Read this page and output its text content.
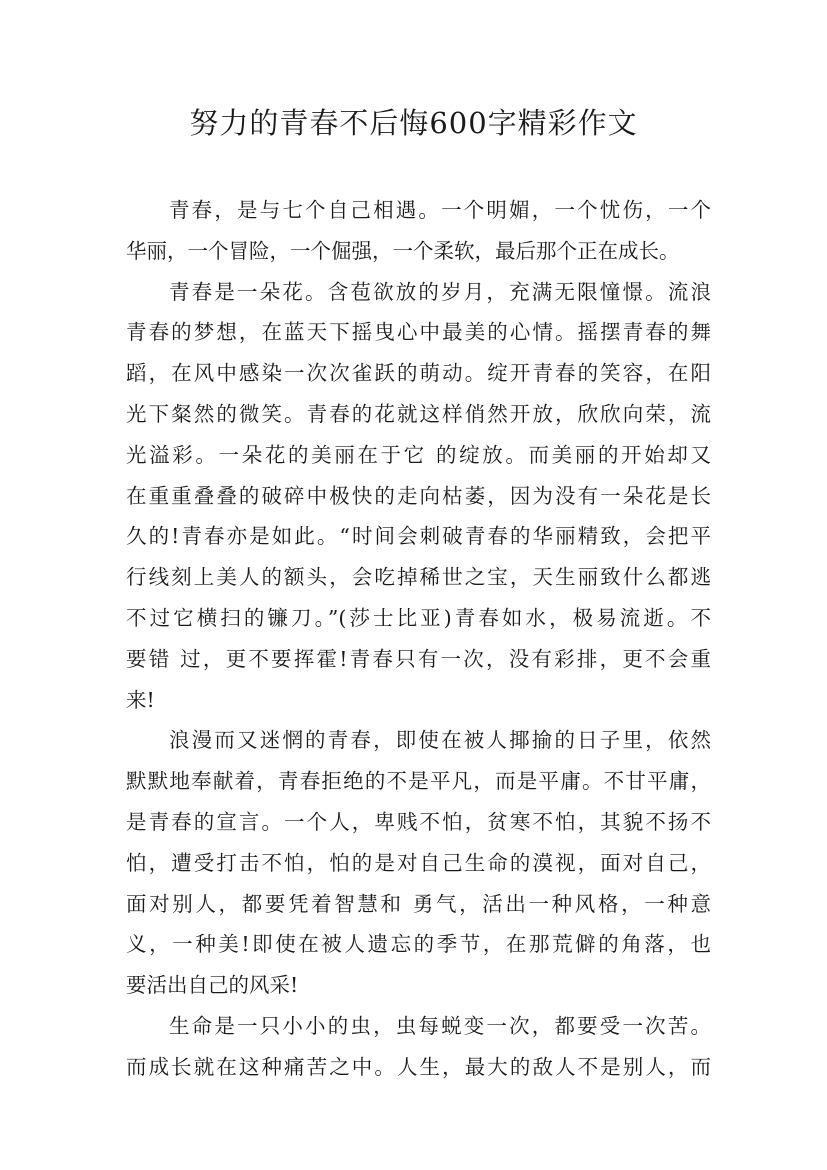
努力的青春不后悔600字精彩作文
青春，是与七个自己相遇。一个明媚，一个忧伤，一个
华丽，一个冒险，一个倔强，一个柔软，最后那个正在成长。
青春是一朵花。含苞欲放的岁月，充满无限憧憬。流浪
青春的梦想，在蓝天下摇曳心中最美的心情。摇摆青春的舞
蹈，在风中感染一次次雀跃的萌动。绽开青春的笑容，在阳
光下粲然的微笑。青春的花就这样俏然开放，欣欣向荣，流
光溢彩。一朵花的美丽在于它 的绽放。而美丽的开始却又
在重重叠叠的破碎中极快的走向枯萎，因为没有一朵花是长
久的!青春亦是如此。“时间会刺破青春的华丽精致，会把平
行线刻上美人的额头，会吃掉稀世之宝，天生丽致什么都逃
不过它横扫的镰刀。”(莎士比亚)青春如水，极易流逝。不
要错 过，更不要挥霍!青春只有一次，没有彩排，更不会重
来!
浪漫而又迷惘的青春，即使在被人揶揄的日子里，依然
默默地奉献着，青春拒绝的不是平凡，而是平庸。不甘平庸，
是青春的宣言。一个人，卑贱不怕，贫寒不怕，其貌不扬不
怕，遭受打击不怕，怕的是对自己生命的漠视，面对自己，
面对别人，都要凭着智慧和 勇气，活出一种风格，一种意
义，一种美!即使在被人遗忘的季节，在那荒僻的角落，也
要活出自己的风采!
生命是一只小小的虫，虫每蜕变一次，都要受一次苦。
而成长就在这种痛苦之中。人生，最大的敌人不是别人，而
